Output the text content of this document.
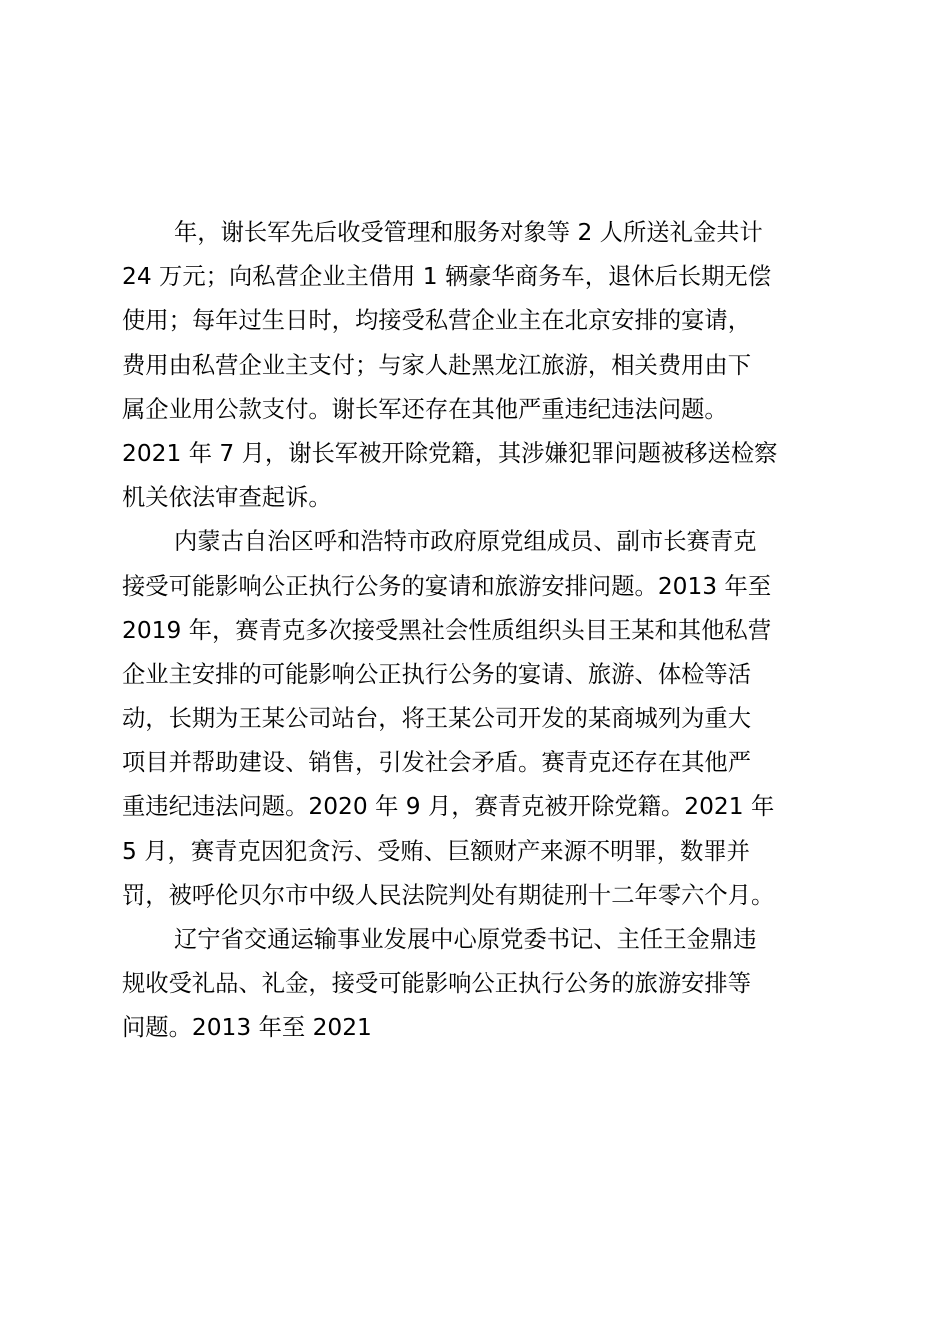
年，谢长军先后收受管理和服务对象等 2 人所送礼金共计
24 万元；向私营企业主借用 1 辆豪华商务车，退休后长期无偿
使用；每年过生日时，均接受私营企业主在北京安排的宴请，
费用由私营企业主支付；与家人赴黑龙江旅游，相关费用由下
属企业用公款支付。谢长军还存在其他严重违纪违法问题。
2021 年 7 月，谢长军被开除党籍，其涉嫌犯罪问题被移送检察
机关依法审查起诉。
内蒙古自治区呼和浩特市政府原党组成员、副市长赛青克
接受可能影响公正执行公务的宴请和旅游安排问题。2013 年至
2019 年，赛青克多次接受黑社会性质组织头目王某和其他私营
企业主安排的可能影响公正执行公务的宴请、旅游、体检等活
动，长期为王某公司站台，将王某公司开发的某商城列为重大
项目并帮助建设、销售，引发社会矛盾。赛青克还存在其他严
重违纪违法问题。2020 年 9 月，赛青克被开除党籍。2021 年
5 月，赛青克因犯贪污、受贿、巨额财产来源不明罪，数罪并
罚，被呼伦贝尔市中级人民法院判处有期徒刑十二年零六个月。
辽宁省交通运输事业发展中心原党委书记、主任王金鼎违
规收受礼品、礼金，接受可能影响公正执行公务的旅游安排等
问题。2013 年至 2021
